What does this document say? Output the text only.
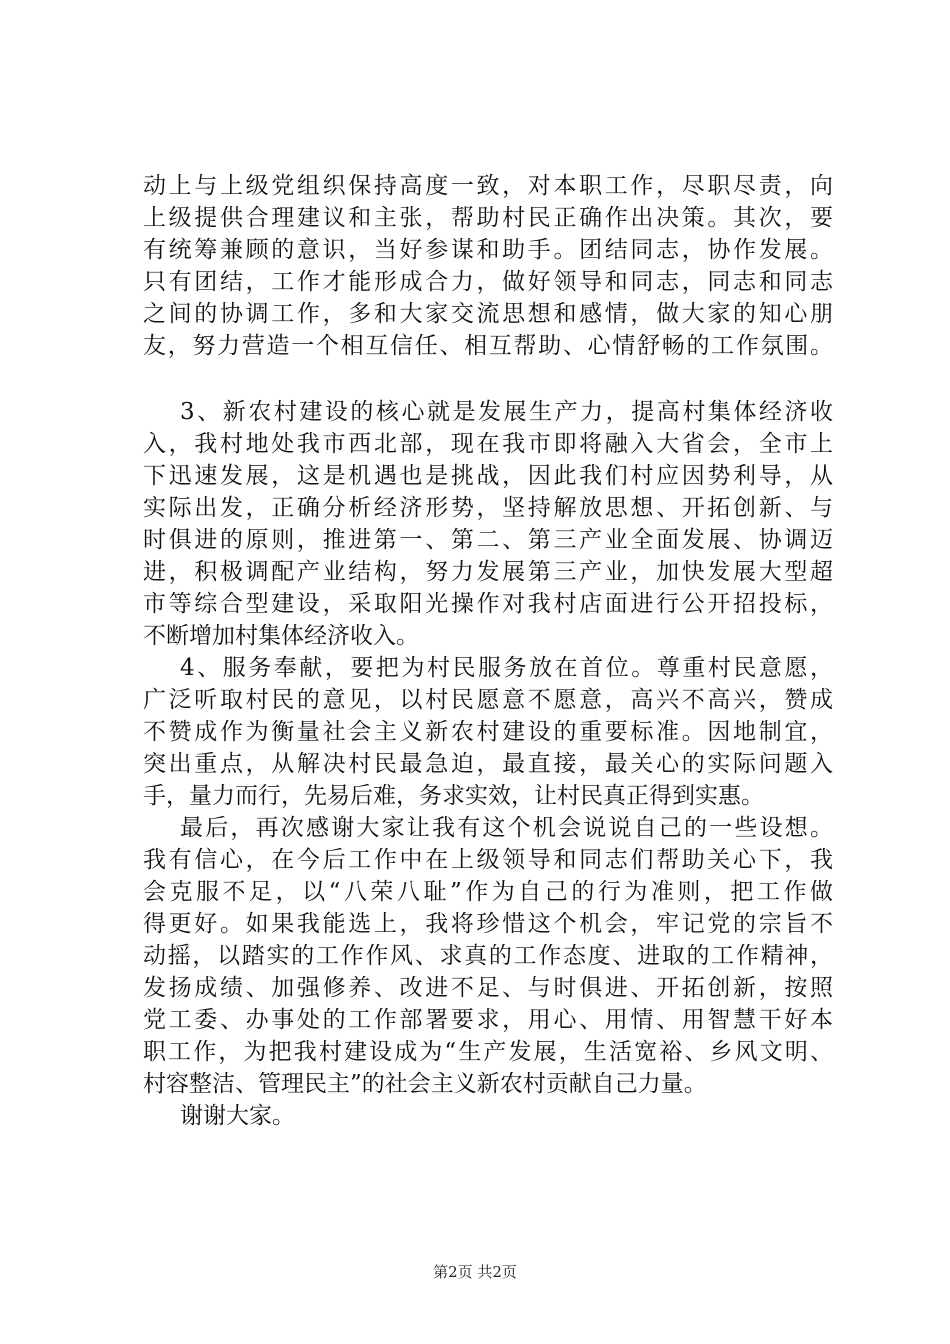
动上与上级党组织保持高度一致，对本职工作，尽职尽责，向
上级提供合理建议和主张，帮助村民正确作出决策。其次，要
有统筹兼顾的意识，当好参谋和助手。团结同志，协作发展。
只有团结，工作才能形成合力，做好领导和同志，同志和同志
之间的协调工作，多和大家交流思想和感情，做大家的知心朋
友，努力营造一个相互信任、相互帮助、心情舒畅的工作氛围。
3、新农村建设的核心就是发展生产力，提高村集体经济收
入，我村地处我市西北部，现在我市即将融入大省会，全市上
下迅速发展，这是机遇也是挑战，因此我们村应因势利导，从
实际出发，正确分析经济形势，坚持解放思想、开拓创新、与
时俱进的原则，推进第一、第二、第三产业全面发展、协调迈
进，积极调配产业结构，努力发展第三产业，加快发展大型超
市等综合型建设，采取阳光操作对我村店面进行公开招投标，
不断增加村集体经济收入。
4、服务奉献，要把为村民服务放在首位。尊重村民意愿，
广泛听取村民的意见，以村民愿意不愿意，高兴不高兴，赞成
不赞成作为衡量社会主义新农村建设的重要标准。因地制宜，
突出重点，从解决村民最急迫，最直接，最关心的实际问题入
手，量力而行，先易后难，务求实效，让村民真正得到实惠。
最后，再次感谢大家让我有这个机会说说自己的一些设想。
我有信心，在今后工作中在上级领导和同志们帮助关心下，我
会克服不足，以“八荣八耻”作为自己的行为准则，把工作做
得更好。如果我能选上，我将珍惜这个机会，牢记党的宗旨不
动摇，以踏实的工作作风、求真的工作态度、进取的工作精神，
发扬成绩、加强修养、改进不足、与时俱进、开拓创新，按照
党工委、办事处的工作部署要求，用心、用情、用智慧干好本
职工作，为把我村建设成为“生产发展，生活宽裕、乡风文明、
村容整洁、管理民主”的社会主义新农村贡献自己力量。
谢谢大家。
第2页 共2页
